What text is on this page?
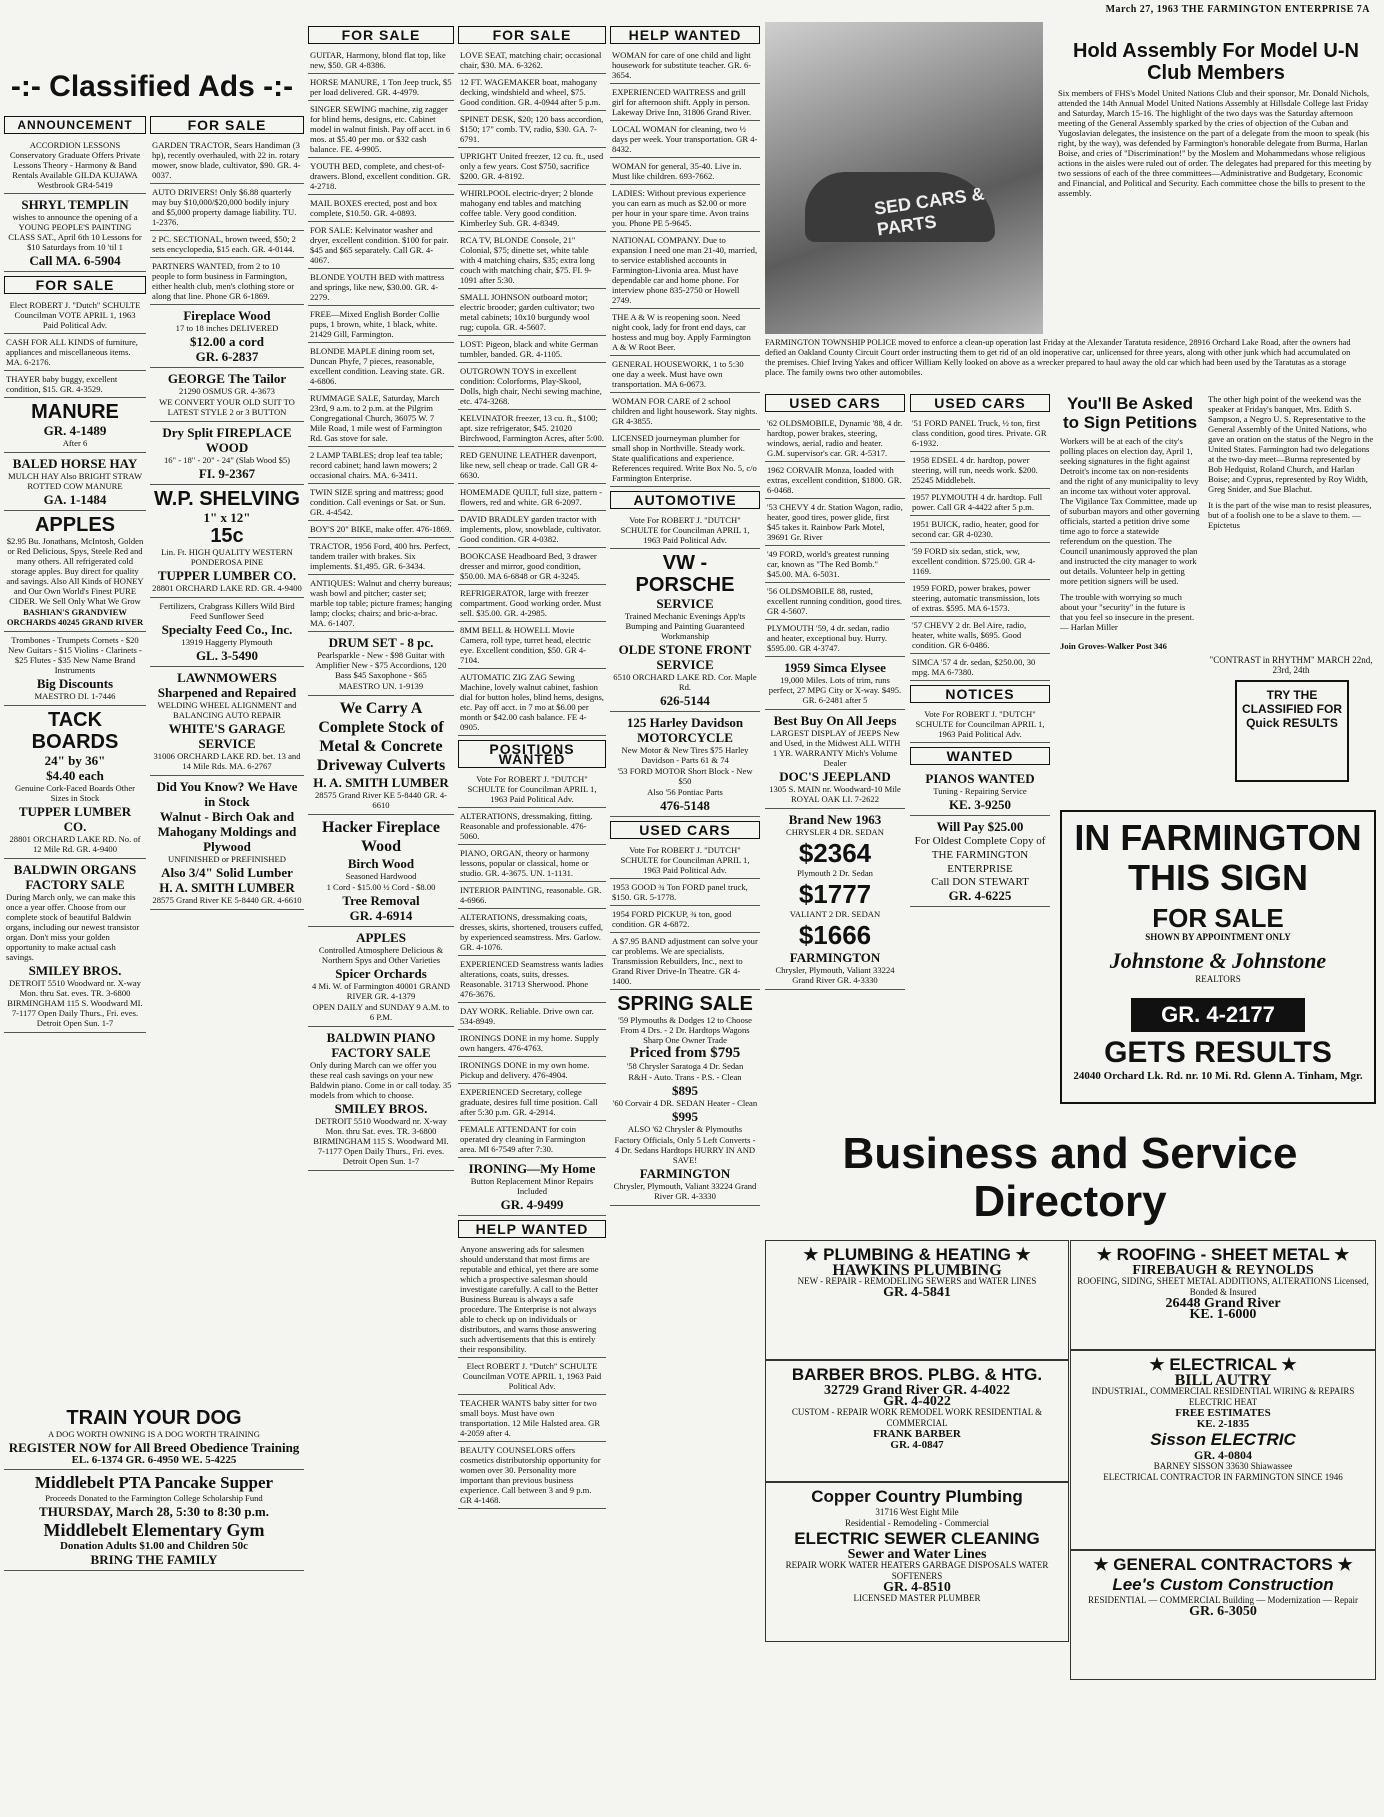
March 27, 1963 THE FARMINGTON ENTERPRISE 7A
-:- Classified Ads -:-
ANNOUNCEMENT
ACCORDION LESSONS Conservatory Graduate Offers Private Lessons Theory - Harmony & Band Rentals Available GILDA KUJAWA Westbrook GR4-5419
SHRYL TEMPLIN

wishes to announce the opening of a YOUNG PEOPLE'S PAINTING CLASS SAT., April 6th 10 Lessons for $10 Saturdays from 10 'til 1

Call MA. 6-5904
FOR SALE
Elect ROBERT J. "Dutch" SCHULTE Councilman VOTE APRIL 1, 1963 Paid Political Adv.
CASH FOR ALL KINDS of furniture, appliances and miscellaneous items. MA. 6-2176.
THAYER baby buggy, excellent condition, $15. GR. 4-3529.
MANURE
GR. 4-1489

After 6

BALED HORSE HAY

MULCH HAY Also BRIGHT STRAW ROTTED COW MANURE

GA. 1-1484
APPLES

$2.95 Bu. Jonathans, McIntosh, Golden or Red Delicious, Spys, Steele Red and many others. All refrigerated cold storage apples. Buy direct for quality and savings. Also All Kinds of HONEY and Our Own World's Finest PURE CIDER. We Sell Only What We Grow

BASHIAN'S GRANDVIEW ORCHARDS 40245 GRAND RIVER

Trombones - Trumpets Cornets - $20 New Guitars - $15 Violins - Clarinets - $25 Flutes - $35 New Name Brand Instruments

Big Discounts

MAESTRO DI. 1-7446

TACK BOARDS
24" by 36"
$4.40 each

Genuine Cork-Faced Boards Other Sizes in Stock

TUPPER LUMBER CO.

28801 ORCHARD LAKE RD. No. of 12 Mile Rd. GR. 4-9400

BALDWIN ORGANS FACTORY SALE

During March only, we can make this once a year offer. Choose from our complete stock of beautiful Baldwin organs, including our newest transistor organ. Don't miss your golden opportunity to make actual cash savings.

SMILEY BROS.

DETROIT 5510 Woodward nr. X-way Mon. thru Sat. eves. TR. 3-6800 BIRMINGHAM 115 S. Woodward MI. 7-1177 Open Daily Thurs., Fri. eves. Detroit Open Sun. 1-7

FOR SALE
GARDEN TRACTOR, Sears Handiman (3 hp), recently overhauled, with 22 in. rotary mower, snow blade, cultivator, $90. GR. 4-0037.
AUTO DRIVERS! Only $6.88 quarterly may buy $10,000/$20,000 bodily injury and $5,000 property damage liability. TU. 1-2376.
2 PC. SECTIONAL, brown tweed, $50; 2 sets encyclopedia, $15 each. GR. 4-0144.
PARTNERS WANTED, from 2 to 10 people to form business in Farmington, either health club, men's clothing store or along that line. Phone GR 6-1869.
Fireplace Wood

17 to 18 inches DELIVERED

$12.00 a cord
GR. 6-2837
GEORGE The Tailor

21290 OSMUS GR. 4-3673

WE CONVERT YOUR OLD SUIT TO LATEST STYLE 2 or 3 BUTTON

Dry Split FIREPLACE WOOD

16" - 18" - 20" - 24" (Slab Wood $5)

FI. 9-2367
W.P. SHELVING
1" x 12"
15c

Lin. Ft. HIGH QUALITY WESTERN PONDEROSA PINE

TUPPER LUMBER CO.

28801 ORCHARD LAKE RD. GR. 4-9400

Fertilizers, Crabgrass Killers Wild Bird Feed Sunflower Seed

Specialty Feed Co., Inc.

13919 Haggerty Plymouth

GL. 3-5490
LAWNMOWERS Sharpened and Repaired

WELDING WHEEL ALIGNMENT and BALANCING AUTO REPAIR

WHITE'S GARAGE SERVICE

31006 ORCHARD LAKE RD. bet. 13 and 14 Mile Rds. MA. 6-2767

Did You Know? We Have in Stock
Walnut - Birch Oak and Mahogany Moldings and Plywood

UNFINISHED or PREFINISHED

Also 3/4" Solid Lumber
H. A. SMITH LUMBER

28575 Grand River KE 5-8440 GR. 4-6610

TRAIN YOUR DOG

A DOG WORTH OWNING IS A DOG WORTH TRAINING

REGISTER NOW for All Breed Obedience Training

EL. 6-1374 GR. 6-4950 WE. 5-4225

Middlebelt PTA Pancake Supper

Proceeds Donated to the Farmington College Scholarship Fund

THURSDAY, March 28, 5:30 to 8:30 p.m.
Middlebelt Elementary Gym

Donation Adults $1.00 and Children 50c

BRING THE FAMILY
FOR SALE
GUITAR, Harmony, blond flat top, like new, $50. GR 4-8386.
HORSE MANURE, 1 Ton Jeep truck, $5 per load delivered. GR. 4-4979.
SINGER SEWING machine, zig zagger for blind hems, designs, etc. Cabinet model in walnut finish. Pay off acct. in 6 mos. at $5.40 per mo. or $32 cash balance. FE. 4-9905.
YOUTH BED, complete, and chest-of-drawers. Blond, excellent condition. GR. 4-2718.
MAIL BOXES erected, post and box complete, $10.50. GR. 4-0893.
FOR SALE: Kelvinator washer and dryer, excellent condition. $100 for pair. $45 and $65 separately. Call GR. 4-4067.
BLONDE YOUTH BED with mattress and springs, like new, $30.00. GR. 4-2279.
FREE—Mixed English Border Collie pups, 1 brown, white, 1 black, white. 21429 Gill, Farmington.
BLONDE MAPLE dining room set, Duncan Phyfe, 7 pieces, reasonable, excellent condition. Leaving state. GR. 4-6806.
RUMMAGE SALE, Saturday, March 23rd, 9 a.m. to 2 p.m. at the Pilgrim Congregational Church, 36075 W. 7 Mile Road, 1 mile west of Farmington Rd. Gas stove for sale.
2 LAMP TABLES; drop leaf tea table; record cabinet; hand lawn mowers; 2 occasional chairs. MA. 6-3411.
TWIN SIZE spring and mattress; good condition. Call evenings or Sat. or Sun. GR. 4-4542.
BOY'S 20" BIKE, make offer. 476-1869.
TRACTOR, 1956 Ford, 400 hrs. Perfect, tandem trailer with brakes. Six implements. $1,495. GR. 6-3434.
ANTIQUES: Walnut and cherry bureaus; wash bowl and pitcher; caster set; marble top table; picture frames; hanging lamp; clocks; chairs; and bric-a-brac. MA. 6-1407.
DRUM SET - 8 pc.

Pearlsparkle - New - $98 Guitar with Amplifier New - $75 Accordions, 120 Bass $45 Saxophone - $65

MAESTRO UN. 1-9139

We Carry A Complete Stock of Metal & Concrete Driveway Culverts
H. A. SMITH LUMBER

28575 Grand River KE 5-8440 GR. 4-6610

Hacker Fireplace Wood
Birch Wood

Seasoned Hardwood

1 Cord - $15.00 ½ Cord - $8.00

Tree Removal
GR. 4-6914
APPLES

Controlled Atmosphere Delicious & Northern Spys and Other Varieties

Spicer Orchards

4 Mi. W. of Farmington 40001 GRAND RIVER GR. 4-1379

OPEN DAILY and SUNDAY 9 A.M. to 6 P.M.

BALDWIN PIANO FACTORY SALE

Only during March can we offer you these real cash savings on your new Baldwin piano. Come in or call today. 35 models from which to choose.

SMILEY BROS.

DETROIT 5510 Woodward nr. X-way Mon. thru Sat. eves. TR. 3-6800 BIRMINGHAM 115 S. Woodward MI. 7-1177 Open Daily Thurs., Fri. eves. Detroit Open Sun. 1-7

FOR SALE
LOVE SEAT, matching chair; occasional chair, $30. MA. 6-3262.
12 FT. WAGEMAKER boat, mahogany decking, windshield and wheel, $75. Good condition. GR. 4-0944 after 5 p.m.
SPINET DESK, $20; 120 bass accordion, $150; 17" comb. TV, radio, $30. GA. 7-6791.
UPRIGHT United freezer, 12 cu. ft., used only a few years. Cost $750, sacrifice $200. GR. 4-8192.
WHIRLPOOL electric-dryer; 2 blonde mahogany end tables and matching coffee table. Very good condition. Kimberley Sub. GR. 4-8349.
RCA TV, BLONDE Console, 21" Colonial, $75; dinette set, white table with 4 matching chairs, $35; extra long couch with matching chair, $75. FI. 9-1091 after 5:30.
SMALL JOHNSON outboard motor; electric brooder; garden cultivator; two metal cabinets; 10x10 burgundy wool rug; cupola. GR. 4-5607.
LOST: Pigeon, black and white German tumbler, banded. GR. 4-1105.
OUTGROWN TOYS in excellent condition: Colorforms, Play-Skool, Dolls, high chair, Nechi sewing machine, etc. 474-3268.
KELVINATOR freezer, 13 cu. ft., $100; apt. size refrigerator, $45. 21020 Birchwood, Farmington Acres, after 5:00.
RED GENUINE LEATHER davenport, like new, sell cheap or trade. Call GR 4-6630.
HOMEMADE QUILT, full size, pattern - flowers, red and white. GR 6-2097.
DAVID BRADLEY garden tractor with implements, plow, snowblade, cultivator. Good condition. GR 4-0382.
BOOKCASE Headboard Bed, 3 drawer dresser and mirror, good condition, $50.00. MA 6-6848 or GR 4-3245.
REFRIGERATOR, large with freezer compartment. Good working order. Must sell. $35.00. GR. 4-2985.
8MM BELL & HOWELL Movie Camera, roll type, turret head, electric eye. Excellent condition, $50. GR 4-7104.
AUTOMATIC ZIG ZAG Sewing Machine, lovely walnut cabinet, fashion dial for button holes, blind hems, designs, etc. Pay off acct. in 7 mo at $6.00 per month or $42.00 cash balance. FE 4-0905.
POSITIONS WANTED
Vote For ROBERT J. "DUTCH" SCHULTE for Councilman APRIL 1, 1963 Paid Political Adv.
ALTERATIONS, dressmaking, fitting. Reasonable and professionable. 476-5060.
PIANO, ORGAN, theory or harmony lessons, popular or classical, home or studio. GR. 4-3675. UN. 1-1131.
INTERIOR PAINTING, reasonable. GR. 4-6966.
ALTERATIONS, dressmaking coats, dresses, skirts, shortened, trousers cuffed, by experienced seamstress. Mrs. Garlow. GR. 4-1076.
EXPERIENCED Seamstress wants ladies alterations, coats, suits, dresses. Reasonable. 31713 Sherwood. Phone 476-3676.
DAY WORK. Reliable. Drive own car. 534-8949.
IRONINGS DONE in my home. Supply own hangers. 476-4763.
IRONINGS DONE in my own home. Pickup and delivery. 476-4904.
EXPERIENCED Secretary, college graduate, desires full time position. Call after 5:30 p.m. GR. 4-2914.
FEMALE ATTENDANT for coin operated dry cleaning in Farmington area. MI 6-7549 after 7:30.
IRONING—My Home

Button Replacement Minor Repairs Included

GR. 4-9499
HELP WANTED
Anyone answering ads for salesmen should understand that most firms are reputable and ethical, yet there are some which a prospective salesman should investigate carefully. A call to the Better Business Bureau is always a safe procedure. The Enterprise is not always able to check up on individuals or distributors, and warns those answering such advertisements that this is entirely their responsibility.
Elect ROBERT J. "Dutch" SCHULTE Councilman VOTE APRIL 1, 1963 Paid Political Adv.
TEACHER WANTS baby sitter for two small boys. Must have own transportation. 12 Mile Halsted area. GR 4-2059 after 4.
BEAUTY COUNSELORS offers cosmetics distributorship opportunity for women over 30. Personality more important than previous business experience. Call between 3 and 9 p.m. GR 4-1468.
HELP WANTED
WOMAN for care of one child and light housework for substitute teacher. GR. 6-3654.
EXPERIENCED WAITRESS and grill girl for afternoon shift. Apply in person. Lakeway Drive Inn, 31806 Grand River.
LOCAL WOMAN for cleaning, two ½ days per week. Your transportation. GR 4-8432.
WOMAN for general, 35-40. Live in. Must like children. 693-7662.
LADIES: Without previous experience you can earn as much as $2.00 or more per hour in your spare time. Avon trains you. Phone PE 5-9645.
NATIONAL COMPANY. Due to expansion I need one man 21-40, married, to service established accounts in Farmington-Livonia area. Must have dependable car and home phone. For interview phone 835-2750 or Howell 2749.
THE A & W is reopening soon. Need night cook, lady for front end days, car hostess and mug boy. Apply Farmington A & W Root Beer.
GENERAL HOUSEWORK, 1 to 5:30 one day a week. Must have own transportation. MA 6-0673.
WOMAN FOR CARE of 2 school children and light housework. Stay nights. GR 4-3855.
LICENSED journeyman plumber for small shop in Northville. Steady work. State qualifications and experience. References required. Write Box No. 5, c/o Farmington Enterprise.
AUTOMOTIVE
Vote For ROBERT J. "DUTCH" SCHULTE for Councilman APRIL 1, 1963 Paid Political Adv.
VW - PORSCHE
SERVICE

Trained Mechanic Evenings App'ts Bumping and Painting Guaranteed Workmanship

OLDE STONE FRONT SERVICE

6510 ORCHARD LAKE RD. Cor. Maple Rd.

626-5144
125 Harley Davidson MOTORCYCLE

New Motor & New Tires $75 Harley Davidson - Parts 61 & 74

'53 FORD MOTOR Short Block - New $50

Also '56 Pontiac Parts

476-5148
USED CARS
Vote For ROBERT J. "DUTCH" SCHULTE for Councilman APRIL 1, 1963 Paid Political Adv.
1953 GOOD ¾ Ton FORD panel truck, $150. GR. 5-1778.
1954 FORD PICKUP, ¾ ton, good condition. GR 4-6872.
A $7.95 BAND adjustment can solve your car problems. We are specialists. Transmission Rebuilders, Inc., next to Grand River Drive-In Theatre. GR 4-1400.
SPRING SALE

'59 Plymouths & Dodges 12 to Choose From 4 Drs. - 2 Dr. Hardtops Wagons Sharp One Owner Trade

Priced from $795

'58 Chrysler Saratoga 4 Dr. Sedan

R&H - Auto. Trans - P.S. - Clean

$895

'60 Corvair 4 DR. SEDAN Heater - Clean

$995

ALSO '62 Chrysler & Plymouths

Factory Officials, Only 5 Left Converts - 4 Dr. Sedans Hardtops HURRY IN AND SAVE!

FARMINGTON

Chrysler, Plymouth, Valiant 33224 Grand River GR. 4-3330

SED CARS & PARTS
FARMINGTON TOWNSHIP POLICE moved to enforce a clean-up operation last Friday at the Alexander Taratuta residence, 28916 Orchard Lake Road, after the owners had defied an Oakland County Circuit Court order instructing them to get rid of an old inoperative car, unlicensed for three years, along with other junk which had accumulated on the premises. Chief Irving Yakes and officer William Kelly looked on above as a wrecker prepared to haul away the old car which had been used by the Taratutas as a storage place. The family owns two other automobiles.
Hold Assembly For Model U-N Club Members
Six members of FHS's Model United Nations Club and their sponsor, Mr. Donald Nichols, attended the 14th Annual Model United Nations Assembly at Hillsdale College last Friday and Saturday, March 15-16. The highlight of the two days was the Saturday afternoon meeting of the General Assembly sparked by the cries of objection of the Cuban and Yugoslavian delegates, the insistence on the part of a delegate from the moon to speak (his right, by the way), was defended by Farmington's honorable delegate from Burma, Harlan Boise, and cries of "Discrimination!" by the Moslem and Mohammedans whose religious actions in the aisles were ruled out of order. The delegates had prepared for this meeting by two sessions of each of the three committees—Administrative and Budgetary, Economic and Financial, and Political and Security. Each committee chose the bills to present to the assembly.
USED CARS
'62 OLDSMOBILE, Dynamic '88, 4 dr. hardtop, power brakes, steering, windows, aerial, radio and heater. G.M. supervisor's car. GR. 4-5317.
1962 CORVAIR Monza, loaded with extras, excellent condition, $1800. GR. 6-0468.
'53 CHEVY 4 dr. Station Wagon, radio, heater, good tires, power glide, first $45 takes it. Rainbow Park Motel, 39691 Gr. River
'49 FORD, world's greatest running car, known as "The Red Bomb." $45.00. MA. 6-5031.
'56 OLDSMOBILE 88, rusted, excellent running condition, good tires. GR 4-5607.
PLYMOUTH '59, 4 dr. sedan, radio and heater, exceptional buy. Hurry. $595.00. GR 4-3747.
1959 Simca Elysee

19,000 Miles. Lots of trim, runs perfect, 27 MPG City or X-way. $495. GR. 6-2481 after 5

Best Buy On All Jeeps

LARGEST DISPLAY of JEEPS New and Used, in the Midwest ALL WITH 1 YR. WARRANTY Mich's Volume Dealer

DOC'S JEEPLAND

1305 S. MAIN nr. Woodward-10 Mile ROYAL OAK LI. 7-2622

Brand New 1963

CHRYSLER 4 DR. SEDAN

$2364

Plymouth 2 Dr. Sedan

$1777

VALIANT 2 DR. SEDAN

$1666
FARMINGTON

Chrysler, Plymouth, Valiant 33224 Grand River GR. 4-3330

USED CARS
'51 FORD PANEL Truck, ½ ton, first class condition, good tires. Private. GR 6-1932.
1958 EDSEL 4 dr. hardtop, power steering, will run, needs work. $200. 25245 Middlebelt.
1957 PLYMOUTH 4 dr. hardtop. Full power. Call GR 4-4422 after 5 p.m.
1951 BUICK, radio, heater, good for second car. GR 4-0230.
'59 FORD six sedan, stick, ww, excellent condition. $725.00. GR 4-1169.
1959 FORD, power brakes, power steering, automatic transmission, lots of extras. $595. MA 6-1573.
'57 CHEVY 2 dr. Bel Aire, radio, heater, white walls, $695. Good condition. GR 6-0486.
SIMCA '57 4 dr. sedan, $250.00, 30 mpg. MA 6-7380.
NOTICES
Vote For ROBERT J. "DUTCH" SCHULTE for Councilman APRIL 1, 1963 Paid Political Adv.
WANTED
PIANOS WANTED

Tuning - Repairing Service

KE. 3-9250
Will Pay $25.00

For Oldest Complete Copy of THE FARMINGTON ENTERPRISE

Call DON STEWART

GR. 4-6225
You'll Be Asked to Sign Petitions
Workers will be at each of the city's polling places on election day, April 1, seeking signatures in the fight against Detroit's income tax on non-residents and the right of any municipality to levy an income tax without voter approval. The Vigilance Tax Committee, made up of suburban mayors and other governing officials, started a petition drive some time ago to force a statewide referendum on the question. The Council unanimously approved the plan and instructed the city manager to work out details. Volunteer help in getting more petition signers will be used.

The trouble with worrying so much about your "security" in the future is that you feel so insecure in the present. — Harlan Miller

Join Groves-Walker Post 346

The other high point of the weekend was the speaker at Friday's banquet, Mrs. Edith S. Sampson, a Negro U. S. Representative to the General Assembly of the United Nations, who gave an oration on the status of the Negro in the United States. Farmington had two delegations at the two-day meet—Burma represented by Bob Hedquist, Roland Church, and Harlan Boise; and Cyprus, represented by Roy Width, Greg Snider, and Sue Blachut.

It is the part of the wise man to resist pleasures, but of a foolish one to be a slave to them. —Epictetus

"CONTRAST in RHYTHM" MARCH 22nd, 23rd, 24th
TRY THE CLASSIFIED FOR Quick RESULTS
IN FARMINGTON THIS SIGN
FOR SALE
SHOWN BY APPOINTMENT ONLY
Johnstone & Johnstone
REALTORS
GR. 4-2177
GETS RESULTS
24040 Orchard Lk. Rd. nr. 10 Mi. Rd. Glenn A. Tinham, Mgr.
Business and Service Directory
★ PLUMBING & HEATING ★
HAWKINS PLUMBING
NEW - REPAIR - REMODELING SEWERS and WATER LINES
GR. 4-5841
BARBER BROS. PLBG. & HTG.
32729 Grand River GR. 4-4022
GR. 4-4022
CUSTOM - REPAIR WORK REMODEL WORK RESIDENTIAL & COMMERCIAL
FRANK BARBER
GR. 4-0847
Copper Country Plumbing
31716 West Eight Mile
Residential - Remodeling - Commercial
ELECTRIC SEWER CLEANING
Sewer and Water Lines
REPAIR WORK WATER HEATERS GARBAGE DISPOSALS WATER SOFTENERS
GR. 4-8510
LICENSED MASTER PLUMBER
★ ROOFING - SHEET METAL ★
FIREBAUGH & REYNOLDS
ROOFING, SIDING, SHEET METAL ADDITIONS, ALTERATIONS Licensed, Bonded & Insured
26448 Grand River
KE. 1-6000
★ ELECTRICAL ★
BILL AUTRY
INDUSTRIAL, COMMERCIAL RESIDENTIAL WIRING & REPAIRS ELECTRIC HEAT
FREE ESTIMATES
KE. 2-1835
Sisson ELECTRIC
GR. 4-0804
BARNEY SISSON 33630 Shiawassee
ELECTRICAL CONTRACTOR IN FARMINGTON SINCE 1946
★ GENERAL CONTRACTORS ★
Lee's Custom Construction
RESIDENTIAL — COMMERCIAL Building — Modernization — Repair
GR. 6-3050
